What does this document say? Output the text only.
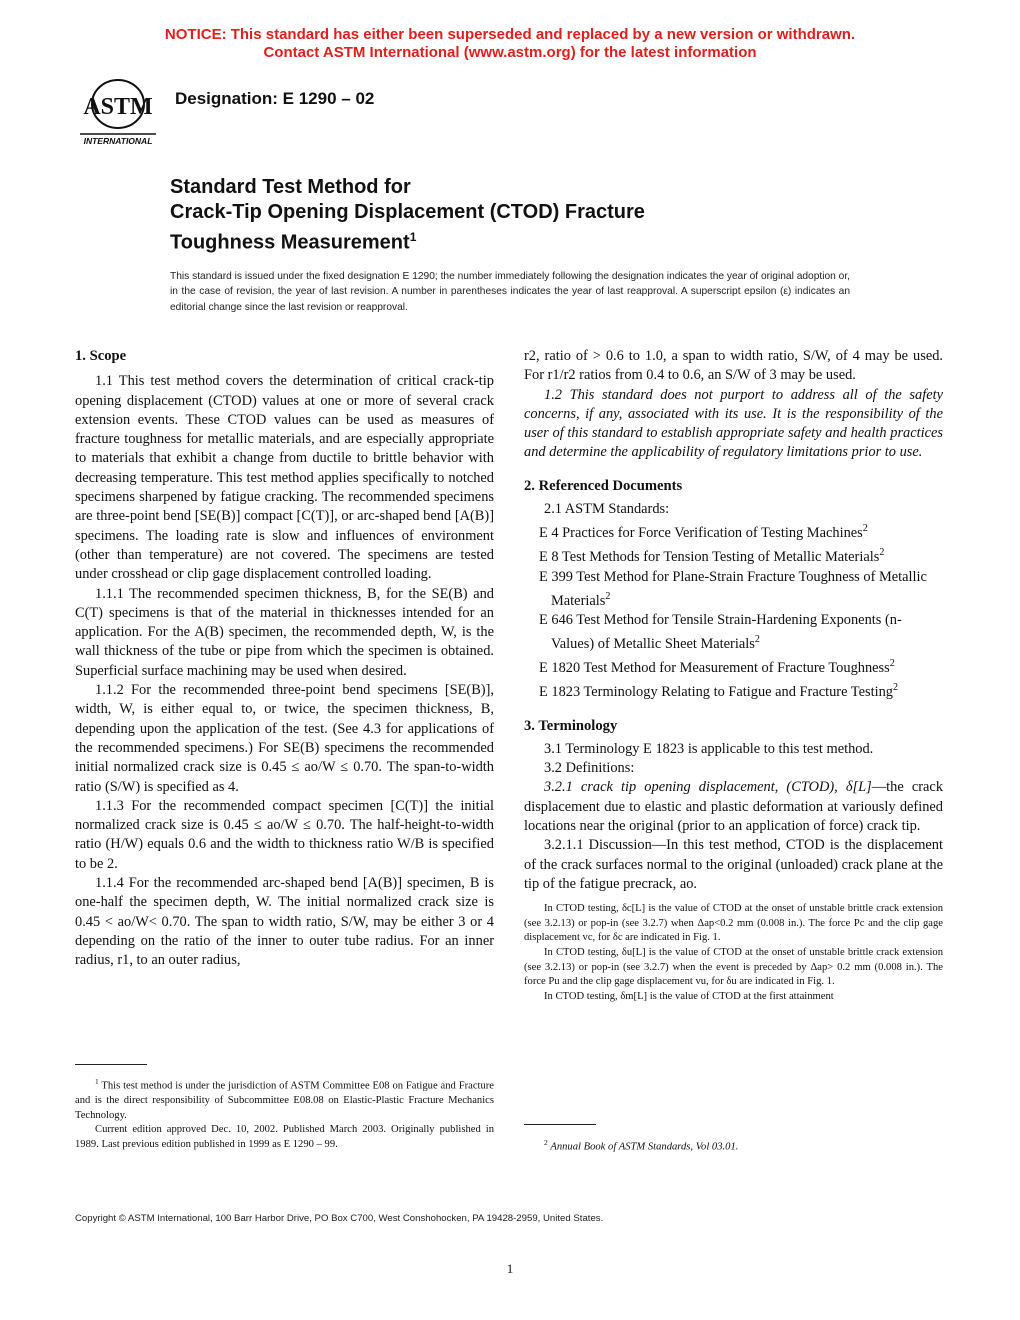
NOTICE: This standard has either been superseded and replaced by a new version or withdrawn.
Contact ASTM International (www.astm.org) for the latest information
ASTM
INTERNATIONAL
Designation: E 1290 – 02
Standard Test Method for
Crack-Tip Opening Displacement (CTOD) Fracture
Toughness Measurement$^1$
This standard is issued under the fixed designation E 1290; the number immediately following the designation indicates the year of original adoption or, in the case of revision, the year of last revision. A number in parentheses indicates the year of last reapproval. A superscript epsilon (ε) indicates an editorial change since the last revision or reapproval.

1. Scope

1.1 This test method covers the determination of critical crack-tip opening displacement (CTOD) values at one or more of several crack extension events. These CTOD values can be used as measures of fracture toughness for metallic materials, and are especially appropriate to materials that exhibit a change from ductile to brittle behavior with decreasing temperature. This test method applies specifically to notched specimens sharpened by fatigue cracking. The recommended specimens are three-point bend [SE(B)] compact [C(T)], or arc-shaped bend [A(B)] specimens. The loading rate is slow and influences of environment (other than temperature) are not covered. The specimens are tested under crosshead or clip gage displacement controlled loading.

1.1.1 The recommended specimen thickness, B, for the SE(B) and C(T) specimens is that of the material in thicknesses intended for an application. For the A(B) specimen, the recommended depth, W, is the wall thickness of the tube or pipe from which the specimen is obtained. Superficial surface machining may be used when desired.

1.1.2 For the recommended three-point bend specimens [SE(B)], width, W, is either equal to, or twice, the specimen thickness, B, depending upon the application of the test. (See 4.3 for applications of the recommended specimens.) For SE(B) specimens the recommended initial normalized crack size is 0.45 ≤ ao/W ≤ 0.70. The span-to-width ratio (S/W) is specified as 4.

1.1.3 For the recommended compact specimen [C(T)] the initial normalized crack size is 0.45 ≤ ao/W ≤ 0.70. The half-height-to-width ratio (H/W) equals 0.6 and the width to thickness ratio W/B is specified to be 2.

1.1.4 For the recommended arc-shaped bend [A(B)] specimen, B is one-half the specimen depth, W. The initial normalized crack size is 0.45 < ao/W< 0.70. The span to width ratio, S/W, may be either 3 or 4 depending on the ratio of the inner to outer tube radius. For an inner radius, r1, to an outer radius,

$^1$ This test method is under the jurisdiction of ASTM Committee E08 on Fatigue and Fracture and is the direct responsibility of Subcommittee E08.08 on Elastic-Plastic Fracture Mechanics Technology.

Current edition approved Dec. 10, 2002. Published March 2003. Originally published in 1989. Last previous edition published in 1999 as E 1290 – 99.

r2, ratio of > 0.6 to 1.0, a span to width ratio, S/W, of 4 may be used. For r1/r2 ratios from 0.4 to 0.6, an S/W of 3 may be used.

1.2 This standard does not purport to address all of the safety concerns, if any, associated with its use. It is the responsibility of the user of this standard to establish appropriate safety and health practices and determine the applicability of regulatory limitations prior to use.

2. Referenced Documents

2.1 ASTM Standards:

E 4 Practices for Force Verification of Testing Machines$^2$

E 8 Test Methods for Tension Testing of Metallic Materials$^2$

E 399 Test Method for Plane-Strain Fracture Toughness of Metallic Materials$^2$

E 646 Test Method for Tensile Strain-Hardening Exponents (n-Values) of Metallic Sheet Materials$^2$

E 1820 Test Method for Measurement of Fracture Toughness$^2$

E 1823 Terminology Relating to Fatigue and Fracture Testing$^2$

3. Terminology

3.1 Terminology E 1823 is applicable to this test method.

3.2 Definitions:

3.2.1 crack tip opening displacement, (CTOD), δ[L]—the crack displacement due to elastic and plastic deformation at variously defined locations near the original (prior to an application of force) crack tip.

3.2.1.1 Discussion—In this test method, CTOD is the displacement of the crack surfaces normal to the original (unloaded) crack plane at the tip of the fatigue precrack, ao.

In CTOD testing, δc[L] is the value of CTOD at the onset of unstable brittle crack extension (see 3.2.13) or pop-in (see 3.2.7) when Δap<0.2 mm (0.008 in.). The force Pc and the clip gage displacement vc, for δc are indicated in Fig. 1.

In CTOD testing, δu[L] is the value of CTOD at the onset of unstable brittle crack extension (see 3.2.13) or pop-in (see 3.2.7) when the event is preceded by Δap> 0.2 mm (0.008 in.). The force Pu and the clip gage displacement vu, for δu are indicated in Fig. 1.

In CTOD testing, δm[L] is the value of CTOD at the first attainment

$^2$ Annual Book of ASTM Standards, Vol 03.01.

Copyright © ASTM International, 100 Barr Harbor Drive, PO Box C700, West Conshohocken, PA 19428-2959, United States.
1
